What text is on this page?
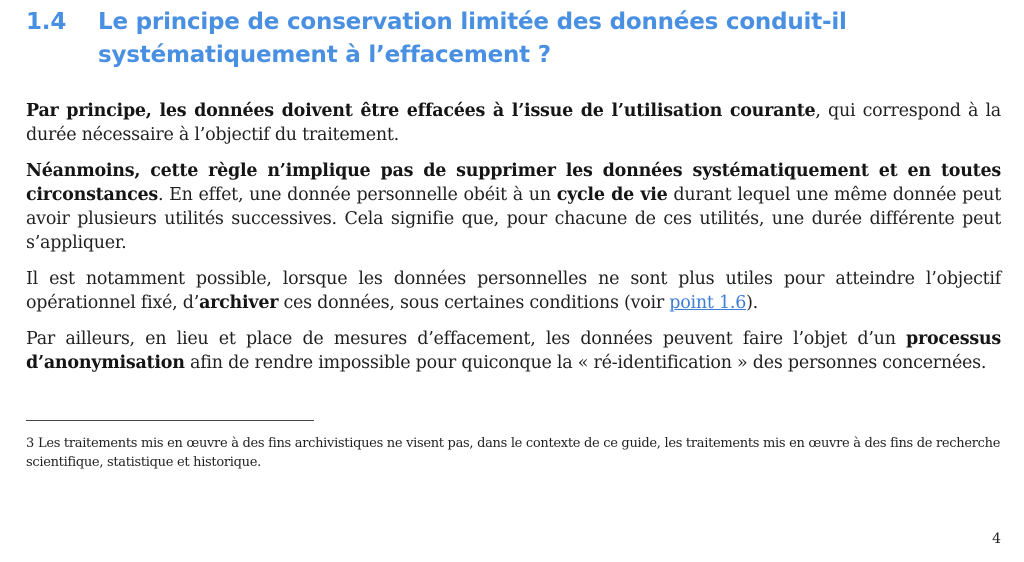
1.4 Le principe de conservation limitée des données conduit-il systématiquement à l’effacement ?

Par principe, les données doivent être effacées à l’issue de l’utilisation courante, qui correspond à la durée nécessaire à l’objectif du traitement.

Néanmoins, cette règle n’implique pas de supprimer les données systématiquement et en toutes circonstances. En effet, une donnée personnelle obéit à un cycle de vie durant lequel une même donnée peut avoir plusieurs utilités successives. Cela signifie que, pour chacune de ces utilités, une durée différente peut s’appliquer.

Il est notamment possible, lorsque les données personnelles ne sont plus utiles pour atteindre l’objectif opérationnel fixé, d’archiver ces données, sous certaines conditions (voir point 1.6).

Par ailleurs, en lieu et place de mesures d’effacement, les données peuvent faire l’objet d’un processus d’anonymisation afin de rendre impossible pour quiconque la « ré-identification » des personnes concernées.

3 Les traitements mis en œuvre à des fins archivistiques ne visent pas, dans le contexte de ce guide, les traitements mis en œuvre à des fins de recherche scientifique, statistique et historique.
4
